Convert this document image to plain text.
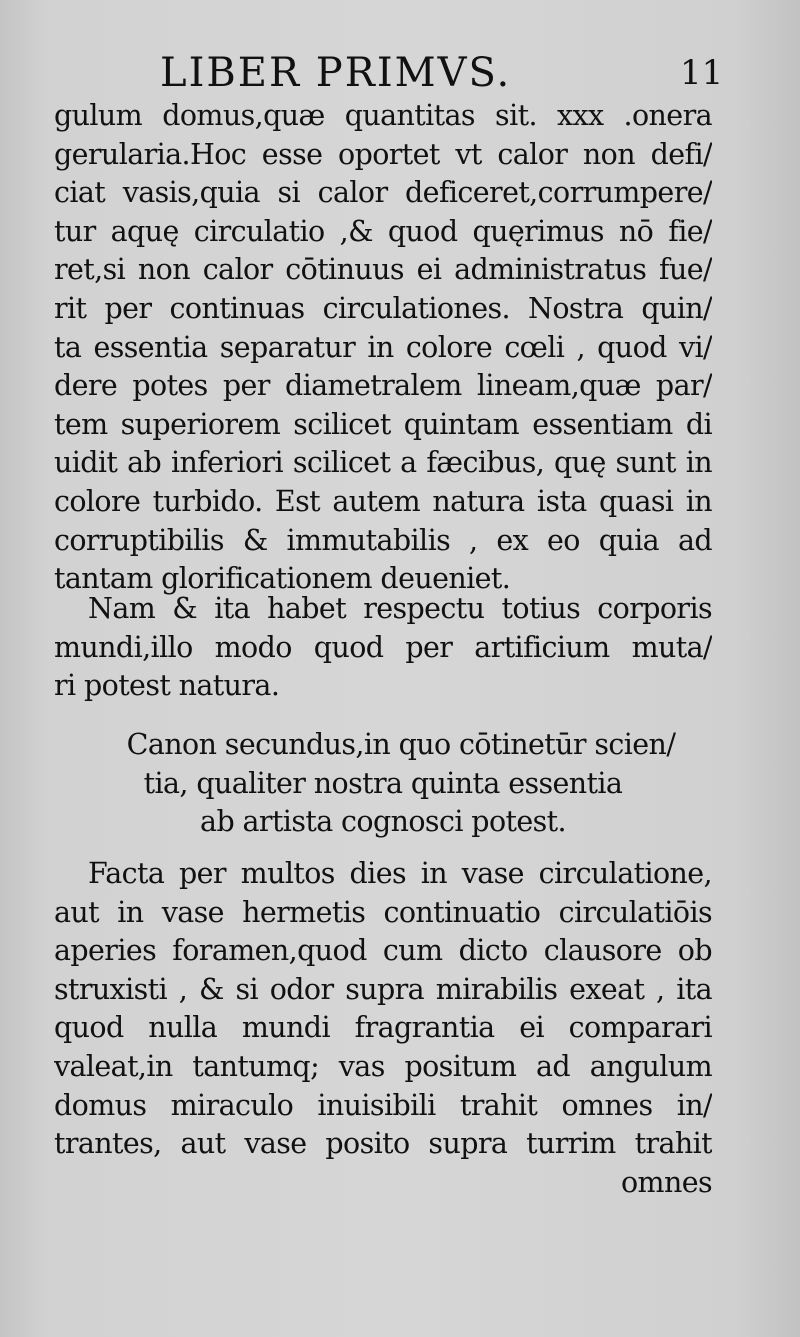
LIBER PRIMVS.	11
gulum domus,quæ quantitas sit. xxx .onera
gerularia.Hoc esse oportet vt calor non defi/
ciat vasis,quia si calor deficeret,corrumpere/
tur aquę circulatio ,& quod quęrimus nō fie/
ret,si non calor cōtinuus ei administratus fue/
rit per continuas circulationes. Nostra quin/
ta essentia separatur in colore cœli , quod vi/
dere potes per diametralem lineam,quæ par/
tem superiorem scilicet quintam essentiam di
uidit ab inferiori scilicet a fæcibus, quę sunt in
colore turbido. Est autem natura ista quasi in
corruptibilis & immutabilis , ex eo quia ad
tantam glorificationem deueniet.
Nam & ita habet respectu totius corporis
mundi,illo modo quod per artificium muta/
ri potest natura.
Canon secundus,in quo cōtinetūr scien/
tia, qualiter nostra quinta essentia
ab artista cognosci potest.
Facta per multos dies in vase circulatione,
aut in vase hermetis continuatio circulatiōis
aperies foramen,quod cum dicto clausore ob
struxisti , & si odor supra mirabilis exeat , ita
quod nulla mundi fragrantia ei comparari
valeat,in tantumq; vas positum ad angulum
domus miraculo inuisibili trahit omnes in/
trantes, aut vase posito supra turrim trahit
omnes
